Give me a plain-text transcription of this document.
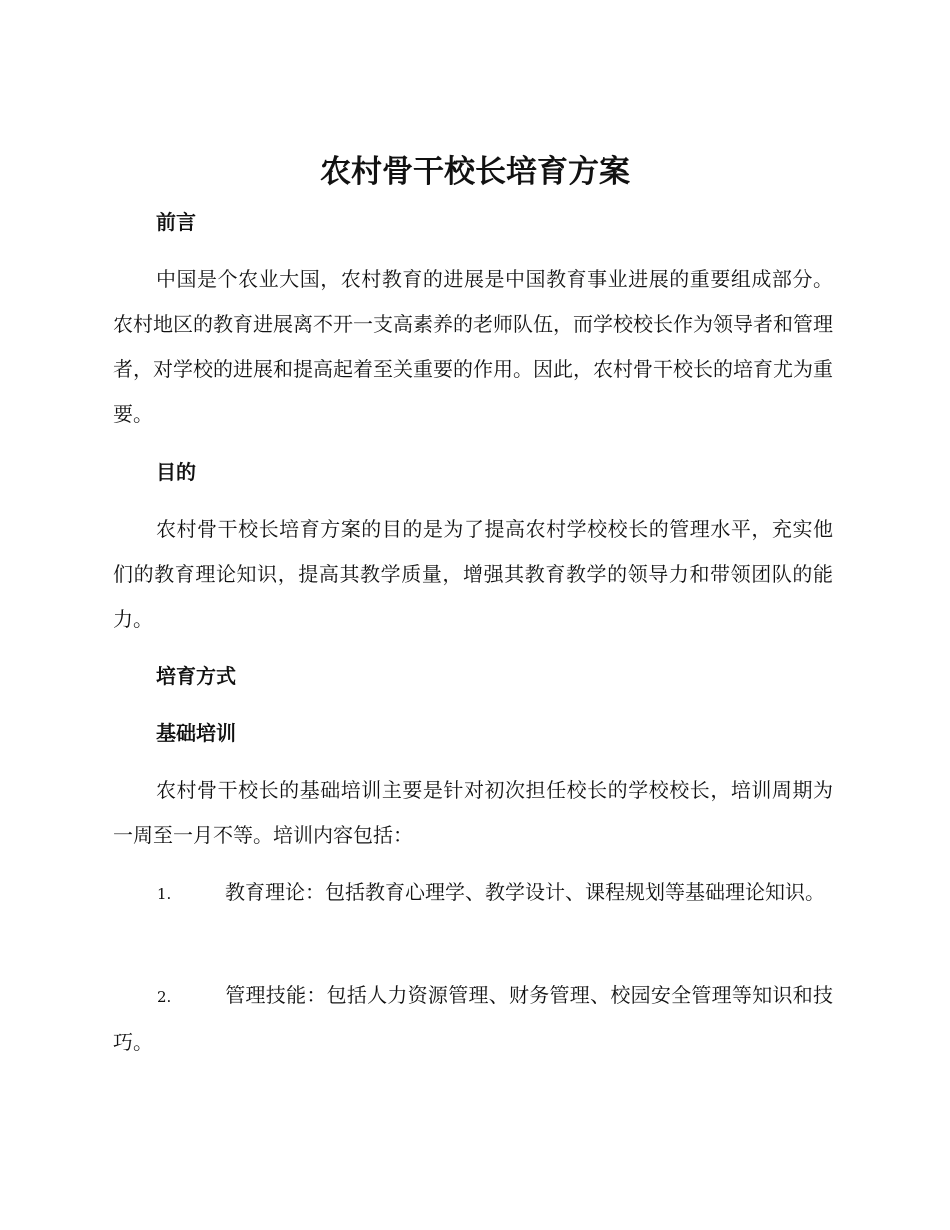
农村骨干校长培育方案
前言
中国是个农业大国，农村教育的进展是中国教育事业进展的重要组成部分。农村地区的教育进展离不开一支高素养的老师队伍，而学校校长作为领导者和管理者，对学校的进展和提高起着至关重要的作用。因此，农村骨干校长的培育尤为重要。
目的
农村骨干校长培育方案的目的是为了提高农村学校校长的管理水平，充实他们的教育理论知识，提高其教学质量，增强其教育教学的领导力和带领团队的能力。
培育方式
基础培训
农村骨干校长的基础培训主要是针对初次担任校长的学校校长，培训周期为一周至一月不等。培训内容包括：
1.	教育理论：包括教育心理学、教学设计、课程规划等基础理论知识。
2.	管理技能：包括人力资源管理、财务管理、校园安全管理等知识和技巧。
